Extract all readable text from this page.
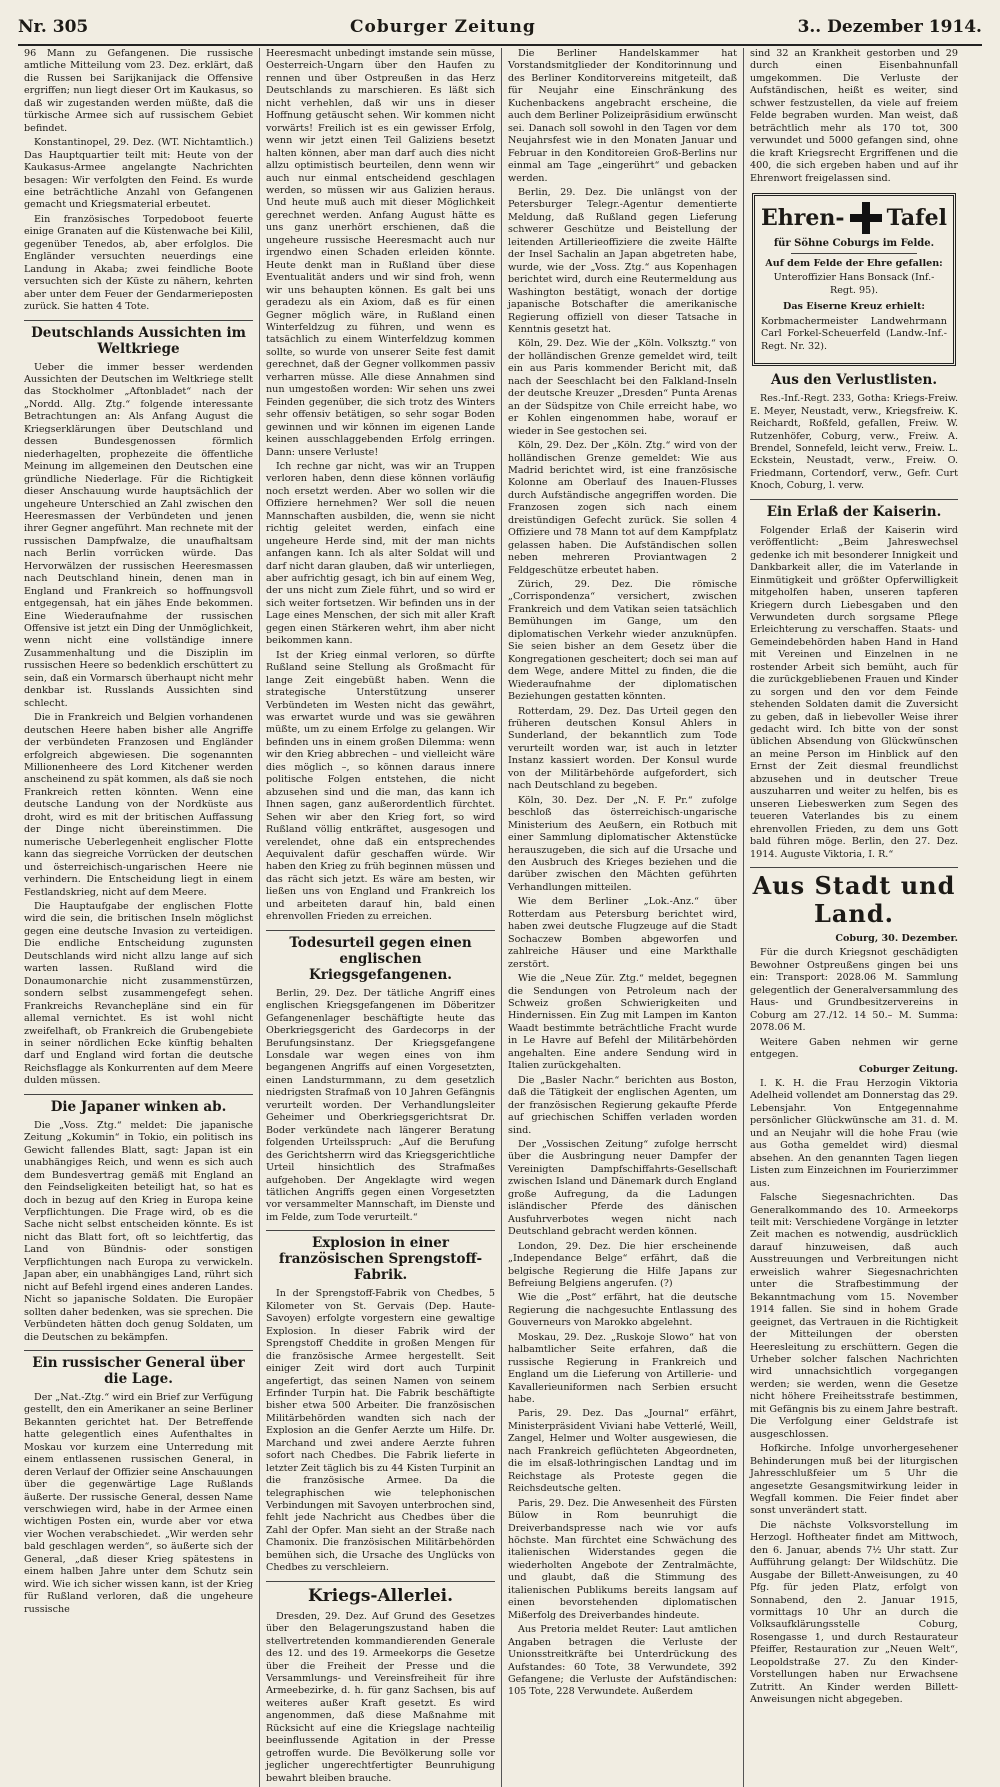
Nr. 305	Coburger Zeitung	3.. Dezember 1914.

96 Mann zu Gefangenen. Die russische amtliche Mitteilung vom 23. Dez. erklärt, daß die Russen bei Sarijkanijack die Offensive ergriffen; nun liegt dieser Ort im Kaukasus, so daß wir zugestanden werden müßte, daß die türkische Armee sich auf russischem Gebiet befindet.

Konstantinopel, 29. Dez. (WT. Nichtamtlich.) Das Hauptquartier teilt mit: Heute von der Kaukasus-Armee angelangte Nachrichten besagen: Wir verfolgten den Feind. Es wurde eine beträchtliche Anzahl von Gefangenen gemacht und Kriegsmaterial erbeutet.

Ein französisches Torpedoboot feuerte einige Granaten auf die Küstenwache bei Kilil, gegenüber Tenedos, ab, aber erfolglos. Die Engländer versuchten neuerdings eine Landung in Akaba; zwei feindliche Boote versuchten sich der Küste zu nähern, kehrten aber unter dem Feuer der Gendarmerieposten zurück. Sie hatten 4 Tote.

Deutschlands Aussichten im Weltkriege

Ueber die immer besser werdenden Aussichten der Deutschen im Weltkriege stellt das Stockholmer „Aftonbladet“ nach der „Nordd. Allg. Ztg.“ folgende interessante Betrachtungen an: Als Anfang August die Kriegserklärungen über Deutschland und dessen Bundesgenossen förmlich niederhagelten, prophezeite die öffentliche Meinung im allgemeinen den Deutschen eine gründliche Niederlage. Für die Richtigkeit dieser Anschauung wurde hauptsächlich der ungeheure Unterschied an Zahl zwischen den Heeresmassen der Verbündeten und jenen ihrer Gegner angeführt. Man rechnete mit der russischen Dampfwalze, die unaufhaltsam nach Berlin vorrücken würde. Das Hervorwälzen der russischen Heeresmassen nach Deutschland hinein, denen man in England und Frankreich so hoffnungsvoll entgegensah, hat ein jähes Ende bekommen. Eine Wiederaufnahme der russischen Offensive ist jetzt ein Ding der Unmöglichkeit, wenn nicht eine vollständige innere Zusammenhaltung und die Disziplin im russischen Heere so bedenklich erschüttert zu sein, daß ein Vormarsch überhaupt nicht mehr denkbar ist. Russlands Aussichten sind schlecht.

Die in Frankreich und Belgien vorhandenen deutschen Heere haben bisher alle Angriffe der verbündeten Franzosen und Engländer erfolgreich abgewiesen. Die sogenannten Millionenheere des Lord Kitchener werden anscheinend zu spät kommen, als daß sie noch Frankreich retten könnten. Wenn eine deutsche Landung von der Nordküste aus droht, wird es mit der britischen Auffassung der Dinge nicht übereinstimmen. Die numerische Ueberlegenheit englischer Flotte kann das siegreiche Vorrücken der deutschen und österreichisch-ungarischen Heere nie verhindern. Die Entscheidung liegt in einem Festlandskrieg, nicht auf dem Meere.

Die Hauptaufgabe der englischen Flotte wird die sein, die britischen Inseln möglichst gegen eine deutsche Invasion zu verteidigen. Die endliche Entscheidung zugunsten Deutschlands wird nicht allzu lange auf sich warten lassen. Rußland wird die Donaumonarchie nicht zusammenstürzen, sondern selbst zusammengefegt sehen. Frankreichs Revanchepläne sind ein für allemal vernichtet. Es ist wohl nicht zweifelhaft, ob Frankreich die Grubengebiete in seiner nördlichen Ecke künftig behalten darf und England wird fortan die deutsche Reichsflagge als Konkurrenten auf dem Meere dulden müssen.

Die Japaner winken ab.

Die „Voss. Ztg.“ meldet: Die japanische Zeitung „Kokumin“ in Tokio, ein politisch ins Gewicht fallendes Blatt, sagt: Japan ist ein unabhängiges Reich, und wenn es sich auch dem Bundesvertrag gemäß mit England an den Feindseligkeiten beteiligt hat, so hat es doch in bezug auf den Krieg in Europa keine Verpflichtungen. Die Frage wird, ob es die Sache nicht selbst entscheiden könnte. Es ist nicht das Blatt fort, oft so leichtfertig, das Land von Bündnis- oder sonstigen Verpflichtungen nach Europa zu verwickeln. Japan aber, ein unabhängiges Land, rührt sich nicht auf Befehl irgend eines anderen Landes. Nicht so japanische Soldaten. Die Europäer sollten daher bedenken, was sie sprechen. Die Verbündeten hätten doch genug Soldaten, um die Deutschen zu bekämpfen.

Ein russischer General über die Lage.

Der „Nat.-Ztg.“ wird ein Brief zur Verfügung gestellt, den ein Amerikaner an seine Berliner Bekannten gerichtet hat. Der Betreffende hatte gelegentlich eines Aufenthaltes in Moskau vor kurzem eine Unterredung mit einem entlassenen russischen General, in deren Verlauf der Offizier seine Anschauungen über die gegenwärtige Lage Rußlands äußerte. Der russische General, dessen Name verschwiegen wird, habe in der Armee einen wichtigen Posten ein, wurde aber vor etwa vier Wochen verabschiedet. „Wir werden sehr bald geschlagen werden“, so äußerte sich der General, „daß dieser Krieg spätestens in einem halben Jahre unter dem Schutz sein wird. Wie ich sicher wissen kann, ist der Krieg für Rußland verloren, daß die ungeheure russische

Heeresmacht unbedingt imstande sein müsse, Oesterreich-Ungarn über den Haufen zu rennen und über Ostpreußen in das Herz Deutschlands zu marschieren. Es läßt sich nicht verhehlen, daß wir uns in dieser Hoffnung getäuscht sehen. Wir kommen nicht vorwärts! Freilich ist es ein gewisser Erfolg, wenn wir jetzt einen Teil Galiziens besetzt halten können, aber man darf auch dies nicht allzu optimistisch beurteilen, denn wenn wir auch nur einmal entscheidend geschlagen werden, so müssen wir aus Galizien heraus. Und heute muß auch mit dieser Möglichkeit gerechnet werden. Anfang August hätte es uns ganz unerhört erschienen, daß die ungeheure russische Heeresmacht auch nur irgendwo einen Schaden erleiden könnte. Heute denkt man in Rußland über diese Eventualität anders und wir sind froh, wenn wir uns behaupten können. Es galt bei uns geradezu als ein Axiom, daß es für einen Gegner möglich wäre, in Rußland einen Winterfeldzug zu führen, und wenn es tatsächlich zu einem Winterfeldzug kommen sollte, so wurde von unserer Seite fest damit gerechnet, daß der Gegner vollkommen passiv verharren müsse. Alle diese Annahmen sind nun umgestoßen worden: Wir sehen uns zwei Feinden gegenüber, die sich trotz des Winters sehr offensiv betätigen, so sehr sogar Boden gewinnen und wir können im eigenen Lande keinen ausschlaggebenden Erfolg erringen. Dann: unsere Verluste!

Ich rechne gar nicht, was wir an Truppen verloren haben, denn diese können vorläufig noch ersetzt werden. Aber wo sollen wir die Offiziere hernehmen? Wer soll die neuen Mannschaften ausbilden, die, wenn sie nicht richtig geleitet werden, einfach eine ungeheure Herde sind, mit der man nichts anfangen kann. Ich als alter Soldat will und darf nicht daran glauben, daß wir unterliegen, aber aufrichtig gesagt, ich bin auf einem Weg, der uns nicht zum Ziele führt, und so wird er sich weiter fortsetzen. Wir befinden uns in der Lage eines Menschen, der sich mit aller Kraft gegen einen Stärkeren wehrt, ihm aber nicht beikommen kann.

Ist der Krieg einmal verloren, so dürfte Rußland seine Stellung als Großmacht für lange Zeit eingebüßt haben. Wenn die strategische Unterstützung unserer Verbündeten im Westen nicht das gewährt, was erwartet wurde und was sie gewähren müßte, um zu einem Erfolge zu gelangen. Wir befinden uns in einem großen Dilemma: wenn wir den Krieg abbrechen – und vielleicht wäre dies möglich –, so können daraus innere politische Folgen entstehen, die nicht abzusehen sind und die man, das kann ich Ihnen sagen, ganz außerordentlich fürchtet. Sehen wir aber den Krieg fort, so wird Rußland völlig entkräftet, ausgesogen und verelendet, ohne daß ein entsprechendes Aequivalent dafür geschaffen würde. Wir haben den Krieg zu früh beginnen müssen und das rächt sich jetzt. Es wäre am besten, wir ließen uns von England und Frankreich los und arbeiteten darauf hin, bald einen ehrenvollen Frieden zu erreichen.

Todesurteil gegen einen englischen Kriegsgefangenen.

Berlin, 29. Dez. Der tätliche Angriff eines englischen Kriegsgefangenen im Döberitzer Gefangenenlager beschäftigte heute das Oberkriegsgericht des Gardecorps in der Berufungsinstanz. Der Kriegsgefangene Lonsdale war wegen eines von ihm begangenen Angriffs auf einen Vorgesetzten, einen Landsturmmann, zu dem gesetzlich niedrigsten Strafmaß von 10 Jahren Gefängnis verurteilt worden. Der Verhandlungsleiter Geheimer und Oberkriegsgerichtsrat Dr. Boder verkündete nach längerer Beratung folgenden Urteilsspruch: „Auf die Berufung des Gerichtsherrn wird das Kriegsgerichtliche Urteil hinsichtlich des Strafmaßes aufgehoben. Der Angeklagte wird wegen tätlichen Angriffs gegen einen Vorgesetzten vor versammelter Mannschaft, im Dienste und im Felde, zum Tode verurteilt.“

Explosion in einer französischen Sprengstoff-Fabrik.

In der Sprengstoff-Fabrik von Chedbes, 5 Kilometer von St. Gervais (Dep. Haute-Savoyen) erfolgte vorgestern eine gewaltige Explosion. In dieser Fabrik wird der Sprengstoff Cheddite in großen Mengen für die französische Armee hergestellt. Seit einiger Zeit wird dort auch Turpinit angefertigt, das seinen Namen von seinem Erfinder Turpin hat. Die Fabrik beschäftigte bisher etwa 500 Arbeiter. Die französischen Militärbehörden wandten sich nach der Explosion an die Genfer Aerzte um Hilfe. Dr. Marchand und zwei andere Aerzte fuhren sofort nach Chedbes. Die Fabrik lieferte in letzter Zeit täglich bis zu 44 Kisten Turpinit an die französische Armee. Da die telegraphischen wie telephonischen Verbindungen mit Savoyen unterbrochen sind, fehlt jede Nachricht aus Chedbes über die Zahl der Opfer. Man sieht an der Straße nach Chamonix. Die französischen Militärbehörden bemühen sich, die Ursache des Unglücks von Chedbes zu verschleiern.

Kriegs-Allerlei.

Dresden, 29. Dez. Auf Grund des Gesetzes über den Belagerungszustand haben die stellvertretenden kommandierenden Generale des 12. und des 19. Armeekorps die Gesetze über die Freiheit der Presse und die Versammlungs- und Vereinsfreiheit für ihre Armeebezirke, d. h. für ganz Sachsen, bis auf weiteres außer Kraft gesetzt. Es wird angenommen, daß diese Maßnahme mit Rücksicht auf eine die Kriegslage nachteilig beeinflussende Agitation in der Presse getroffen wurde. Die Bevölkerung solle vor jeglicher ungerechtfertigter Beunruhigung bewahrt bleiben brauche.

Die Berliner Handelskammer hat Vorstandsmitglieder der Konditorinnung und des Berliner Konditorvereins mitgeteilt, daß für Neujahr eine Einschränkung des Kuchenbackens angebracht erscheine, die auch dem Berliner Polizeipräsidium erwünscht sei. Danach soll sowohl in den Tagen vor dem Neujahrsfest wie in den Monaten Januar und Februar in den Konditoreien Groß-Berlins nur einmal am Tage „eingerührt“ und gebacken werden.

Berlin, 29. Dez. Die unlängst von der Petersburger Telegr.-Agentur dementierte Meldung, daß Rußland gegen Lieferung schwerer Geschütze und Beistellung der leitenden Artillerieoffiziere die zweite Hälfte der Insel Sachalin an Japan abgetreten habe, wurde, wie der „Voss. Ztg.“ aus Kopenhagen berichtet wird, durch eine Reutermeldung aus Washington bestätigt, wonach der dortige japanische Botschafter die amerikanische Regierung offiziell von dieser Tatsache in Kenntnis gesetzt hat.

Köln, 29. Dez. Wie der „Köln. Volksztg.“ von der holländischen Grenze gemeldet wird, teilt ein aus Paris kommender Bericht mit, daß nach der Seeschlacht bei den Falkland-Inseln der deutsche Kreuzer „Dresden“ Punta Arenas an der Südspitze von Chile erreicht habe, wo er Kohlen eingenommen habe, worauf er wieder in See gestochen sei.

Köln, 29. Dez. Der „Köln. Ztg.“ wird von der holländischen Grenze gemeldet: Wie aus Madrid berichtet wird, ist eine französische Kolonne am Oberlauf des Inauen-Flusses durch Aufständische angegriffen worden. Die Franzosen zogen sich nach einem dreistündigen Gefecht zurück. Sie sollen 4 Offiziere und 78 Mann tot auf dem Kampfplatz gelassen haben. Die Aufständischen sollen neben mehreren Proviantwagen 2 Feldgeschütze erbeutet haben.

Zürich, 29. Dez. Die römische „Corrispondenza“ versichert, zwischen Frankreich und dem Vatikan seien tatsächlich Bemühungen im Gange, um den diplomatischen Verkehr wieder anzuknüpfen. Sie seien bisher an dem Gesetz über die Kongregationen gescheitert; doch sei man auf dem Wege, andere Mittel zu finden, die die Wiederaufnahme der diplomatischen Beziehungen gestatten könnten.

Rotterdam, 29. Dez. Das Urteil gegen den früheren deutschen Konsul Ahlers in Sunderland, der bekanntlich zum Tode verurteilt worden war, ist auch in letzter Instanz kassiert worden. Der Konsul wurde von der Militärbehörde aufgefordert, sich nach Deutschland zu begeben.

Köln, 30. Dez. Der „N. F. Pr.“ zufolge beschloß das österreichisch-ungarische Ministerium des Aeußern, ein Rotbuch mit einer Sammlung diplomatischer Aktenstücke herauszugeben, die sich auf die Ursache und den Ausbruch des Krieges beziehen und die darüber zwischen den Mächten geführten Verhandlungen mitteilen.

Wie dem Berliner „Lok.-Anz.“ über Rotterdam aus Petersburg berichtet wird, haben zwei deutsche Flugzeuge auf die Stadt Sochaczew Bomben abgeworfen und zahlreiche Häuser und eine Markthalle zerstört.

Wie die „Neue Zür. Ztg.“ meldet, begegnen die Sendungen von Petroleum nach der Schweiz großen Schwierigkeiten und Hindernissen. Ein Zug mit Lampen im Kanton Waadt bestimmte beträchtliche Fracht wurde in Le Havre auf Befehl der Militärbehörden angehalten. Eine andere Sendung wird in Italien zurückgehalten.

Die „Basler Nachr.“ berichten aus Boston, daß die Tätigkeit der englischen Agenten, um der französischen Regierung gekaufte Pferde auf griechischen Schiffen verladen worden sind.

Der „Vossischen Zeitung“ zufolge herrscht über die Ausbringung neuer Dampfer der Vereinigten Dampfschiffahrts-Gesellschaft zwischen Island und Dänemark durch England große Aufregung, da die Ladungen isländischer Pferde des dänischen Ausfuhrverbotes wegen nicht nach Deutschland gebracht werden können.

London, 29. Dez. Die hier erscheinende „Independance Belge“ erfährt, daß die belgische Regierung die Hilfe Japans zur Befreiung Belgiens angerufen. (?)

Wie die „Post“ erfährt, hat die deutsche Regierung die nachgesuchte Entlassung des Gouverneurs von Marokko abgelehnt.

Moskau, 29. Dez. „Ruskoje Slowo“ hat von halbamtlicher Seite erfahren, daß die russische Regierung in Frankreich und England um die Lieferung von Artillerie- und Kavallerieuniformen nach Serbien ersucht habe.

Paris, 29. Dez. Das „Journal“ erfährt, Ministerpräsident Viviani habe Vetterlé, Weill, Zangel, Helmer und Wolter ausgewiesen, die nach Frankreich geflüchteten Abgeordneten, die im elsaß-lothringischen Landtag und im Reichstage als Proteste gegen die Reichsdeutsche gelten.

Paris, 29. Dez. Die Anwesenheit des Fürsten Bülow in Rom beunruhigt die Dreiverbandspresse nach wie vor aufs höchste. Man fürchtet eine Schwächung des italienischen Widerstandes gegen die wiederholten Angebote der Zentralmächte, und glaubt, daß die Stimmung des italienischen Publikums bereits langsam auf einen bevorstehenden diplomatischen Mißerfolg des Dreiverbandes hindeute.

Aus Pretoria meldet Reuter: Laut amtlichen Angaben betragen die Verluste der Unionsstreitkräfte bei Unterdrückung des Aufstandes: 60 Tote, 38 Verwundete, 392 Gefangene; die Verluste der Aufständischen: 105 Tote, 228 Verwundete. Außerdem

sind 32 an Krankheit gestorben und 29 durch einen Eisenbahnunfall umgekommen. Die Verluste der Aufständischen, heißt es weiter, sind schwer festzustellen, da viele auf freiem Felde begraben wurden. Man weist, daß beträchtlich mehr als 170 tot, 300 verwundet und 5000 gefangen sind, ohne die kraft Kriegsrecht Ergriffenen und die 400, die sich ergeben haben und auf ihr Ehrenwort freigelassen sind.

Ehren- Tafel
für Söhne Coburgs im Felde.

Auf dem Felde der Ehre gefallen:

Unteroffizier Hans Bonsack (Inf.-Regt. 95).

Das Eiserne Kreuz erhielt:

Korbmachermeister Landwehrmann Carl Forkel-Scheuerfeld (Landw.-Inf.-Regt. Nr. 32).

Aus den Verlustlisten.

Res.-Inf.-Regt. 233, Gotha: Kriegs-Freiw. E. Meyer, Neustadt, verw., Kriegsfreiw. K. Reichardt, Roßfeld, gefallen, Freiw. W. Rutzenhöfer, Coburg, verw., Freiw. A. Brendel, Sonnefeld, leicht verw., Freiw. L. Eckstein, Neustadt, verw., Freiw. O. Friedmann, Cortendorf, verw., Gefr. Curt Knoch, Coburg, l. verw.

Ein Erlaß der Kaiserin.

Folgender Erlaß der Kaiserin wird veröffentlicht: „Beim Jahreswechsel gedenke ich mit besonderer Innigkeit und Dankbarkeit aller, die im Vaterlande in Einmütigkeit und größter Opferwilligkeit mitgeholfen haben, unseren tapferen Kriegern durch Liebesgaben und den Verwundeten durch sorgsame Pflege Erleichterung zu verschaffen. Staats- und Gemeindebehörden haben Hand in Hand mit Vereinen und Einzelnen in ne rostender Arbeit sich bemüht, auch für die zurückgebliebenen Frauen und Kinder zu sorgen und den vor dem Feinde stehenden Soldaten damit die Zuversicht zu geben, daß in liebevoller Weise ihrer gedacht wird. Ich bitte von der sonst üblichen Absendung von Glückwünschen an meine Person im Hinblick auf den Ernst der Zeit diesmal freundlichst abzusehen und in deutscher Treue auszuharren und weiter zu helfen, bis es unseren Liebeswerken zum Segen des teueren Vaterlandes bis zu einem ehrenvollen Frieden, zu dem uns Gott bald führen möge. Berlin, den 27. Dez. 1914. Auguste Viktoria, I. R.“

Aus Stadt und Land.

Coburg, 30. Dezember.

Für die durch Kriegsnot geschädigten Bewohner Ostpreußens gingen bei uns ein: Transport: 2028.06 M. Sammlung gelegentlich der Generalversammlung des Haus- und Grundbesitzervereins in Coburg am 27./12. 14 50.– M. Summa: 2078.06 M.

Weitere Gaben nehmen wir gerne entgegen.

Coburger Zeitung.

I. K. H. die Frau Herzogin Viktoria Adelheid vollendet am Donnerstag das 29. Lebensjahr. Von Entgegennahme persönlicher Glückwünsche am 31. d. M. und an Neujahr will die hohe Frau (wie aus Gotha gemeldet wird) diesmal absehen. An den genannten Tagen liegen Listen zum Einzeichnen im Fourierzimmer aus.

Falsche Siegesnachrichten. Das Generalkommando des 10. Armeekorps teilt mit: Verschiedene Vorgänge in letzter Zeit machen es notwendig, ausdrücklich darauf hinzuweisen, daß auch Ausstreuungen und Verbreitungen nicht erweislich wahrer Siegesnachrichten unter die Strafbestimmung der Bekanntmachung vom 15. November 1914 fallen. Sie sind in hohem Grade geeignet, das Vertrauen in die Richtigkeit der Mitteilungen der obersten Heeresleitung zu erschüttern. Gegen die Urheber solcher falschen Nachrichten wird unnachsichtlich vorgegangen werden; sie werden, wenn die Gesetze nicht höhere Freiheitsstrafe bestimmen, mit Gefängnis bis zu einem Jahre bestraft. Die Verfolgung einer Geldstrafe ist ausgeschlossen.

Hofkirche. Infolge unvorhergesehener Behinderungen muß bei der liturgischen Jahresschlußfeier um 5 Uhr die angesetzte Gesangsmitwirkung leider in Wegfall kommen. Die Feier findet aber sonst unverändert statt.

Die nächste Volksvorstellung im Herzogl. Hoftheater findet am Mittwoch, den 6. Januar, abends 7½ Uhr statt. Zur Aufführung gelangt: Der Wildschütz. Die Ausgabe der Billett-Anweisungen, zu 40 Pfg. für jeden Platz, erfolgt von Sonnabend, den 2. Januar 1915, vormittags 10 Uhr an durch die Volksaufklärungsstelle Coburg, Rosengasse 1, und durch Restaurateur Pfeiffer, Restauration zur „Neuen Welt“, Leopoldstraße 27. Zu den Kinder-Vorstellungen haben nur Erwachsene Zutritt. An Kinder werden Billett-Anweisungen nicht abgegeben.
